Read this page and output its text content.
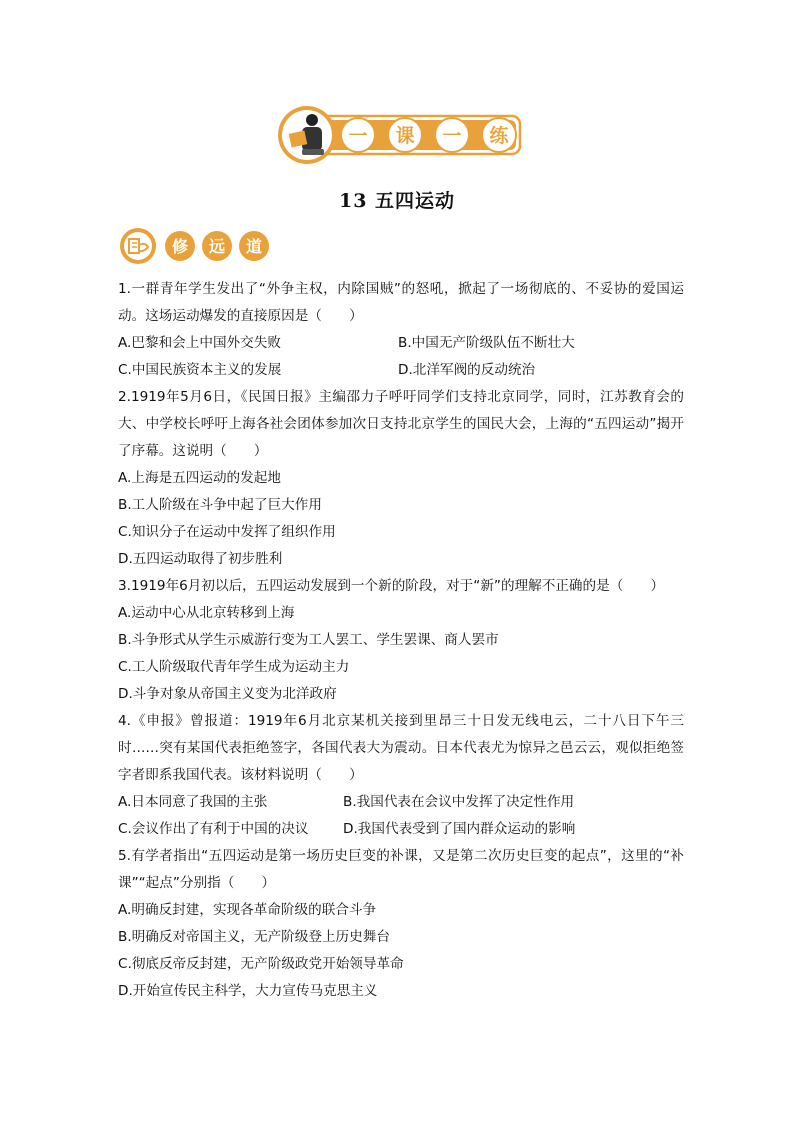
一 课 一 练
13 五四运动
修 远 道
1.一群青年学生发出了“外争主权，内除国贼”的怒吼，掀起了一场彻底的、不妥协的爱国运动。这场运动爆发的直接原因是（　　）
A.巴黎和会上中国外交失败	B.中国无产阶级队伍不断壮大
C.中国民族资本主义的发展	D.北洋军阀的反动统治
2.1919年5月6日，《民国日报》主编邵力子呼吁同学们支持北京同学，同时，江苏教育会的大、中学校长呼吁上海各社会团体参加次日支持北京学生的国民大会，上海的“五四运动”揭开了序幕。这说明（　　）
A.上海是五四运动的发起地
B.工人阶级在斗争中起了巨大作用
C.知识分子在运动中发挥了组织作用
D.五四运动取得了初步胜利
3.1919年6月初以后，五四运动发展到一个新的阶段，对于“新”的理解不正确的是（　　）
A.运动中心从北京转移到上海
B.斗争形式从学生示威游行变为工人罢工、学生罢课、商人罢市
C.工人阶级取代青年学生成为运动主力
D.斗争对象从帝国主义变为北洋政府
4.《申报》曾报道：1919年6月北京某机关接到里昂三十日发无线电云，二十八日下午三时……突有某国代表拒绝签字，各国代表大为震动。日本代表尤为惊异之邑云云，观似拒绝签字者即系我国代表。该材料说明（　　）
A.日本同意了我国的主张	B.我国代表在会议中发挥了决定性作用
C.会议作出了有利于中国的决议	D.我国代表受到了国内群众运动的影响
5.有学者指出“五四运动是第一场历史巨变的补课，又是第二次历史巨变的起点”，这里的“补课”“起点”分别指（　　）
A.明确反封建，实现各革命阶级的联合斗争
B.明确反对帝国主义，无产阶级登上历史舞台
C.彻底反帝反封建，无产阶级政党开始领导革命
D.开始宣传民主科学，大力宣传马克思主义
